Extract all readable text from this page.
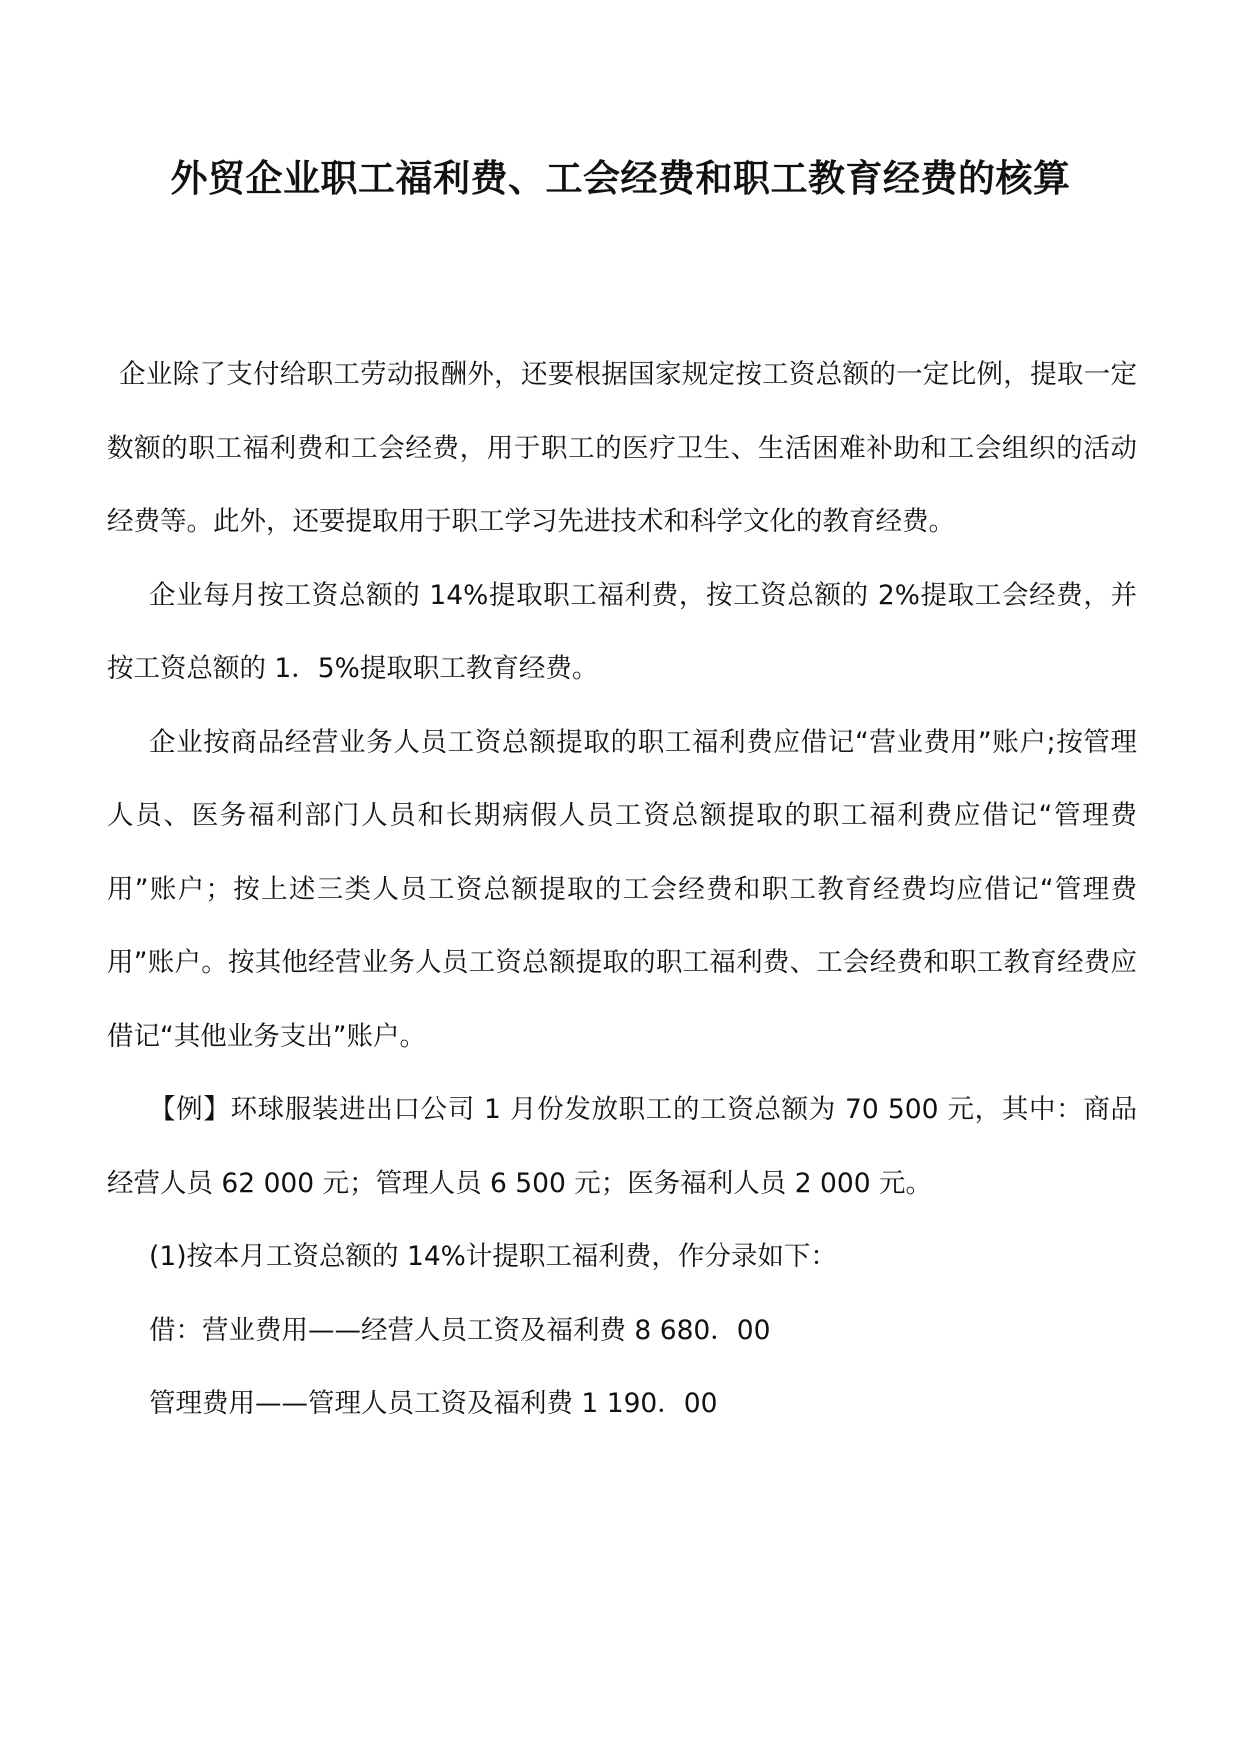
外贸企业职工福利费、工会经费和职工教育经费的核算

企业除了支付给职工劳动报酬外，还要根据国家规定按工资总额的一定比例，提取一定数额的职工福利费和工会经费，用于职工的医疗卫生、生活困难补助和工会组织的活动经费等。此外，还要提取用于职工学习先进技术和科学文化的教育经费。

企业每月按工资总额的 14%提取职工福利费，按工资总额的 2%提取工会经费，并按工资总额的 1．5%提取职工教育经费。

企业按商品经营业务人员工资总额提取的职工福利费应借记“营业费用”账户;按管理人员、医务福利部门人员和长期病假人员工资总额提取的职工福利费应借记“管理费用”账户；按上述三类人员工资总额提取的工会经费和职工教育经费均应借记“管理费用”账户。按其他经营业务人员工资总额提取的职工福利费、工会经费和职工教育经费应借记“其他业务支出”账户。

【例】环球服装进出口公司 1 月份发放职工的工资总额为 70 500 元，其中：商品经营人员 62 000 元；管理人员 6 500 元；医务福利人员 2 000 元。

(1)按本月工资总额的 14%计提职工福利费，作分录如下：

借：营业费用——经营人员工资及福利费 8 680．00

管理费用——管理人员工资及福利费 1 190．00
